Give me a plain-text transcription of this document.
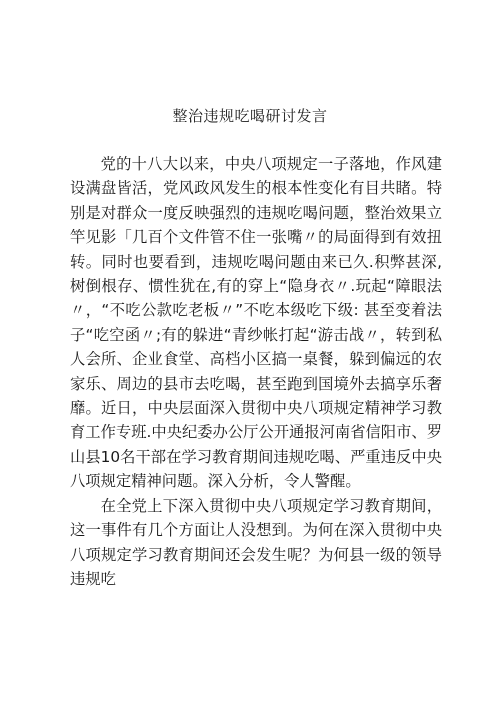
整治违规吃喝研讨发言

党的十八大以来，中央八项规定一子落地，作风建设满盘皆活，党风政风发生的根本性变化有目共睹。特别是对群众一度反映强烈的违规吃喝问题，整治效果立竿见影「几百个文件管不住一张嘴〃的局面得到有效扭转。同时也要看到，违规吃喝问题由来已久.积弊甚深,树倒根存、惯性犹在,有的穿上“隐身衣〃.玩起“障眼法〃，“不吃公款吃老板〃”不吃本级吃下级: 甚至变着法子“吃空函〃;有的躲进“青纱帐打起“游击战〃，转到私人会所、企业食堂、高档小区搞一桌餐，躲到偏远的农家乐、周边的县市去吃喝，甚至跑到国境外去搞享乐奢靡。近日，中央层面深入贯彻中央八项规定精神学习教育工作专班.中央纪委办公厅公开通报河南省信阳市、罗山县10名干部在学习教育期间违规吃喝、严重违反中央八项规定精神问题。深入分析，令人警醒。

在全党上下深入贯彻中央八项规定学习教育期间，这一事件有几个方面让人没想到。为何在深入贯彻中央八项规定学习教育期间还会发生呢？为何县一级的领导违规吃
